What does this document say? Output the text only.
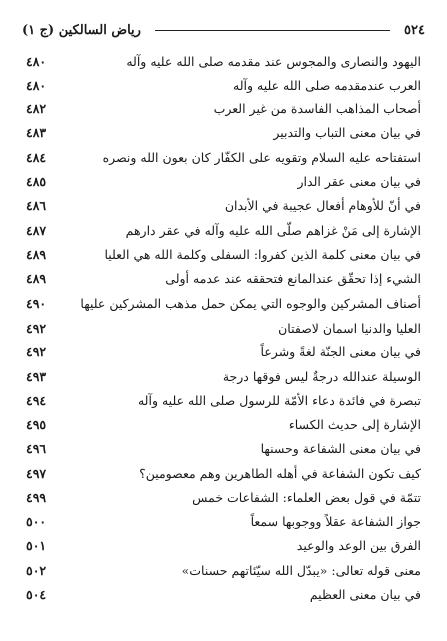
٥٢٤
رياض السالكين (ج ١)
اليهود والنصارى والمجوس عند مقدمه صلى الله عليه وآله
٤٨٠
العرب عندمقدمه صلى الله عليه وآله
٤٨٠
أصحاب المذاهب الفاسدة من غير العرب
٤٨٢
في بيان معنى التباب والتدبير
٤٨٣
استفتاحه عليه السلام وتقويه على الكفّار كان بعون الله ونصره
٤٨٤
في بيان معنى عقر الدار
٤٨٥
في أنّ للأوهام أفعال عجيبة في الأبدان
٤٨٦
الإشارة إلى مَنْ غزاهم صلّى الله عليه وآله في عقر دارهم
٤٨٧
في بيان معنى كلمة الذين كفروا: السفلى وكلمة الله هي العليا
٤٨٩
الشيء إذا تحقّق عندالمانع فتحققه عند عدمه أولى
٤٨٩
أصناف المشركين والوجوه التي يمكن حمل مذهب المشركين عليها
٤٩٠
العليا والدنيا اسمان لاصفتان
٤٩٢
في بيان معنى الجنّة لغةً وشرعاً
٤٩٢
الوسيلة عندالله درجةٌ ليس فوقها درجة
٤٩٣
تبصرة في فائدة دعاء الأمّة للرسول صلى الله عليه وآله
٤٩٤
الإشارة إلى حديث الكساء
٤٩٥
في بيان معنى الشفاعة وحسنها
٤٩٦
كيف تكون الشفاعة في أهله الطاهرين وهم معصومين؟
٤٩٧
تتمّة في قول بعض العلماء: الشفاعات خمس
٤٩٩
جواز الشفاعة عقلاً ووجوبها سمعاً
٥٠٠
الفرق بين الوعد والوعيد
٥٠١
معنى قوله تعالى: «يبدّل الله سيّئاتهم حسنات»
٥٠٢
في بيان معنى العظيم
٥٠٤
